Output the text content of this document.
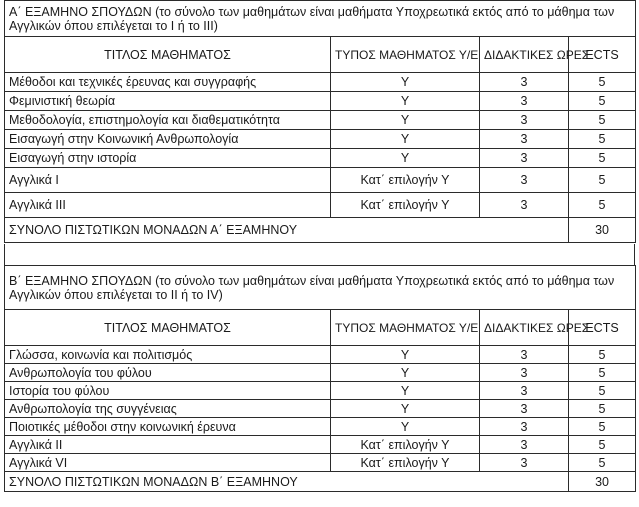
Α΄ ΕΞΑΜΗΝΟ ΣΠΟΥΔΩΝ (το σύνολο των μαθημάτων είναι μαθήματα Υποχρεωτικά εκτός από το μάθημα των Αγγλικών όπου επιλέγεται το Ι ή το ΙΙΙ)			
ΤΙΤΛΟΣ ΜΑΘΗΜΑΤΟΣ	ΤΥΠΟΣ ΜΑΘΗΜΑΤΟΣ Υ/Ε	ΔΙΔΑΚΤΙΚΕΣ ΩΡΕΣ	ECTS
Μέθοδοι και τεχνικές έρευνας και συγγραφής	Υ	3	5
Φεμινιστική θεωρία	Υ	3	5
Μεθοδολογία, επιστημολογία και διαθεματικότητα	Υ	3	5
Εισαγωγή στην Κοινωνική Ανθρωπολογία	Υ	3	5
Εισαγωγή στην ιστορία	Υ	3	5
Αγγλικά Ι	Κατ΄ επιλογήν Υ	3	5
Αγγλικά ΙΙΙ	Κατ΄ επιλογήν Υ	3	5
ΣΥΝΟΛΟ ΠΙΣΤΩΤΙΚΩΝ ΜΟΝΑΔΩΝ Α΄ ΕΞΑΜΗΝΟΥ			30
Β΄ ΕΞΑΜΗΝΟ ΣΠΟΥΔΩΝ (το σύνολο των μαθημάτων είναι μαθήματα Υποχρεωτικά εκτός από το μάθημα των Αγγλικών όπου επιλέγεται το ΙΙ ή το ΙV)			
ΤΙΤΛΟΣ ΜΑΘΗΜΑΤΟΣ	ΤΥΠΟΣ ΜΑΘΗΜΑΤΟΣ Υ/Ε	ΔΙΔΑΚΤΙΚΕΣ ΩΡΕΣ	ECTS
Γλώσσα, κοινωνία και πολιτισμός	Υ	3	5
Ανθρωπολογία του φύλου	Υ	3	5
Ιστορία του φύλου	Υ	3	5
Ανθρωπολογία της συγγένειας	Υ	3	5
Ποιοτικές μέθοδοι στην κοινωνική έρευνα	Υ	3	5
Αγγλικά ΙΙ	Κατ΄ επιλογήν Υ	3	5
Αγγλικά VI	Κατ΄ επιλογήν Υ	3	5
ΣΥΝΟΛΟ ΠΙΣΤΩΤΙΚΩΝ ΜΟΝΑΔΩΝ Β΄ ΕΞΑΜΗΝΟΥ			30
